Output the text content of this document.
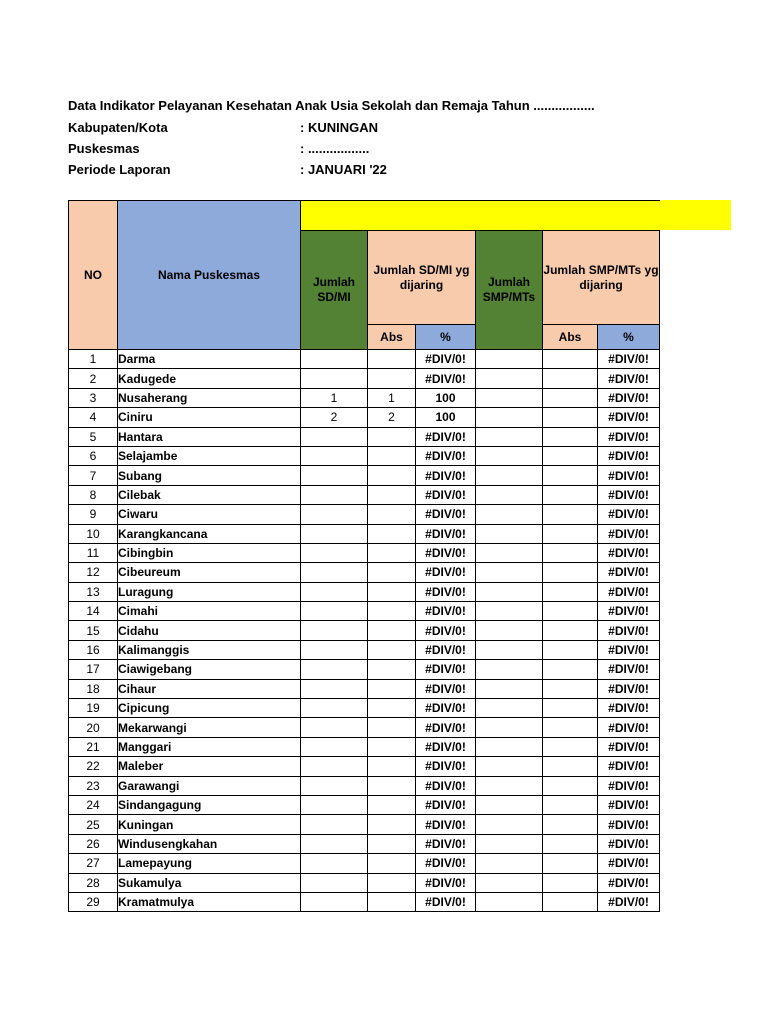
Data Indikator Pelayanan Kesehatan Anak Usia Sekolah dan Remaja Tahun .................
Kabupaten/Kota	: KUNINGAN
Puskesmas	: .................
Periode Laporan	: JANUARI '22
NO	Nama Puskesmas						
		Jumlah SD/MI	Jumlah SD/MI yg dijaring		Jumlah SMP/MTs	Jumlah SMP/MTs yg dijaring	
			Abs	%		Abs	%
1	Darma			#DIV/0!			#DIV/0!
2	Kadugede			#DIV/0!			#DIV/0!
3	Nusaherang	1	1	100			#DIV/0!
4	Ciniru	2	2	100			#DIV/0!
5	Hantara			#DIV/0!			#DIV/0!
6	Selajambe			#DIV/0!			#DIV/0!
7	Subang			#DIV/0!			#DIV/0!
8	Cilebak			#DIV/0!			#DIV/0!
9	Ciwaru			#DIV/0!			#DIV/0!
10	Karangkancana			#DIV/0!			#DIV/0!
11	Cibingbin			#DIV/0!			#DIV/0!
12	Cibeureum			#DIV/0!			#DIV/0!
13	Luragung			#DIV/0!			#DIV/0!
14	Cimahi			#DIV/0!			#DIV/0!
15	Cidahu			#DIV/0!			#DIV/0!
16	Kalimanggis			#DIV/0!			#DIV/0!
17	Ciawigebang			#DIV/0!			#DIV/0!
18	Cihaur			#DIV/0!			#DIV/0!
19	Cipicung			#DIV/0!			#DIV/0!
20	Mekarwangi			#DIV/0!			#DIV/0!
21	Manggari			#DIV/0!			#DIV/0!
22	Maleber			#DIV/0!			#DIV/0!
23	Garawangi			#DIV/0!			#DIV/0!
24	Sindangagung			#DIV/0!			#DIV/0!
25	Kuningan			#DIV/0!			#DIV/0!
26	Windusengkahan			#DIV/0!			#DIV/0!
27	Lamepayung			#DIV/0!			#DIV/0!
28	Sukamulya			#DIV/0!			#DIV/0!
29	Kramatmulya			#DIV/0!			#DIV/0!
